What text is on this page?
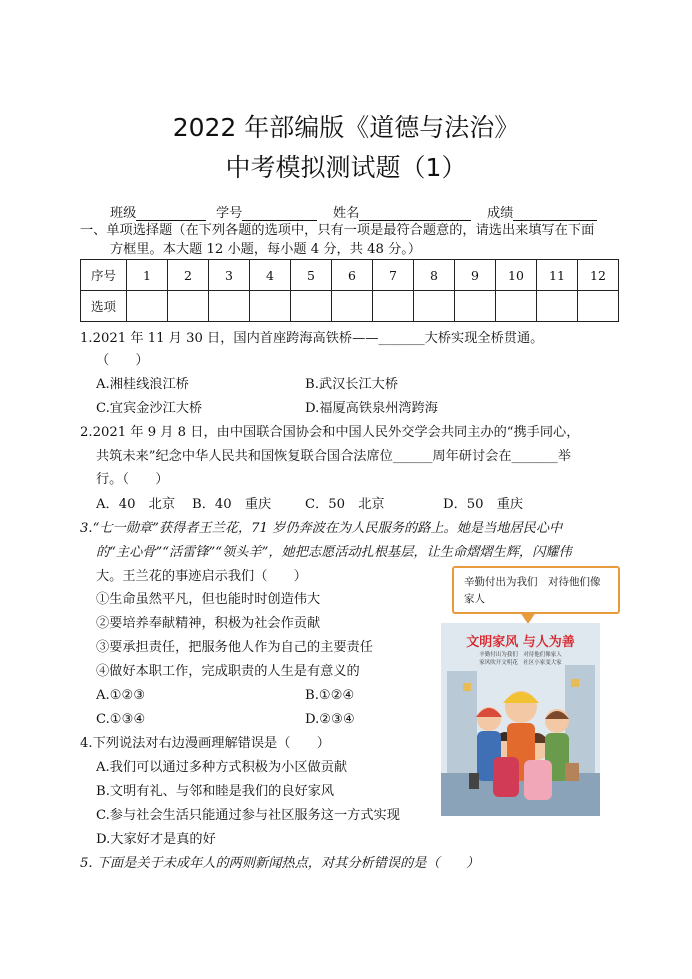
2022 年部编版《道德与法治》
中考模拟测试题（1）
班级	学号	姓名	成绩
一、单项选择题（在下列各题的选项中，只有一项是最符合题意的，请选出来填写在下面
方框里。本大题 12 小题，每小题 4 分，共 48 分。）
序号	1	2	3	4	5	6	7	8	9	10	11	12
选项												
1.2021 年 11 月 30 日，国内首座跨海高铁桥——_______大桥实现全桥贯通。
（　　）
A.湘桂线浪江桥	B.武汉长江大桥
C.宜宾金沙江大桥	D.福厦高铁泉州湾跨海
2.2021 年 9 月 8 日，由中国联合国协会和中国人民外交学会共同主办的“携手同心，
共筑未来”纪念中华人民共和国恢复联合国合法席位______周年研讨会在_______举
行。（　　）
A．40　北京 B．40　重庆	C．50　北京	D．50　重庆
3.“七一勋章”获得者王兰花，71 岁仍奔波在为人民服务的路上。她是当地居民心中
的“主心骨”“活雷锋”“领头羊”，她把志愿活动扎根基层，让生命熠熠生辉，闪耀伟
大。王兰花的事迹启示我们（　　）
①生命虽然平凡，但也能时时创造伟大
②要培养奉献精神，积极为社会作贡献
③要承担责任，把服务他人作为自己的主要责任
④做好本职工作，完成职责的人生是有意义的
A.①②③	B.①②④
C.①③④	D.②③④
4.下列说法对右边漫画理解错误是（　　）
A.我们可以通过多种方式积极为小区做贡献
B.文明有礼、与邻和睦是我们的良好家风
C.参与社会生活只能通过参与社区服务这一方式实现
D.大家好才是真的好
5. 下面是关于未成年人的两则新闻热点，对其分析错误的是（　　）
辛勤付出为我们　对待他们像家人
文明家风 与人为善
辛勤付出为我们　对待他们像家人
家风吹开文明花　社区小家变大家
